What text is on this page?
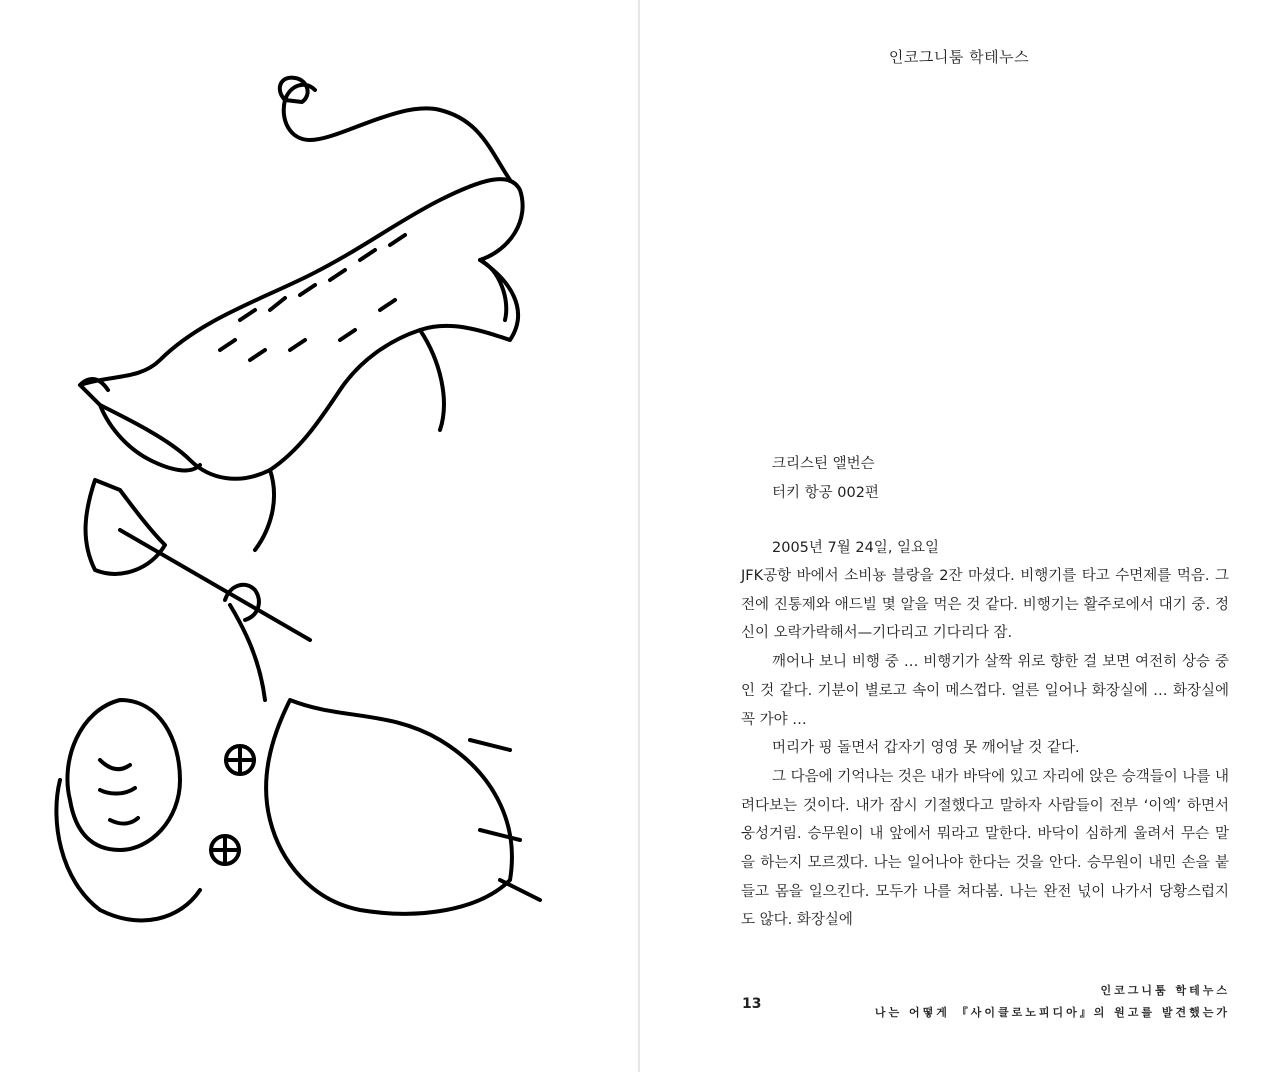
인코그니툼 학테누스
크리스틴 앨번슨
터키 항공 002편
2005년 7월 24일, 일요일

JFK공항 바에서 소비뇽 블랑을 2잔 마셨다. 비행기를 타고 수면제를 먹음. 그 전에 진통제와 애드빌 몇 알을 먹은 것 같다. 비행기는 활주로에서 대기 중. 정신이 오락가락해서—기다리고 기다리다 잠.

깨어나 보니 비행 중 … 비행기가 살짝 위로 향한 걸 보면 여전히 상승 중인 것 같다. 기분이 별로고 속이 메스껍다. 얼른 일어나 화장실에 … 화장실에 꼭 가야 …

머리가 핑 돌면서 갑자기 영영 못 깨어날 것 같다.

그 다음에 기억나는 것은 내가 바닥에 있고 자리에 앉은 승객들이 나를 내려다보는 것이다. 내가 잠시 기절했다고 말하자 사람들이 전부 ‘이엑’ 하면서 웅성거림. 승무원이 내 앞에서 뭐라고 말한다. 바닥이 심하게 울려서 무슨 말을 하는지 모르겠다. 나는 일어나야 한다는 것을 안다. 승무원이 내민 손을 붙들고 몸을 일으킨다. 모두가 나를 쳐다봄. 나는 완전 넋이 나가서 당황스럽지도 않다. 화장실에

13
인코그니툼 학테누스
나는 어떻게 『사이클로노피디아』의 원고를 발견했는가
